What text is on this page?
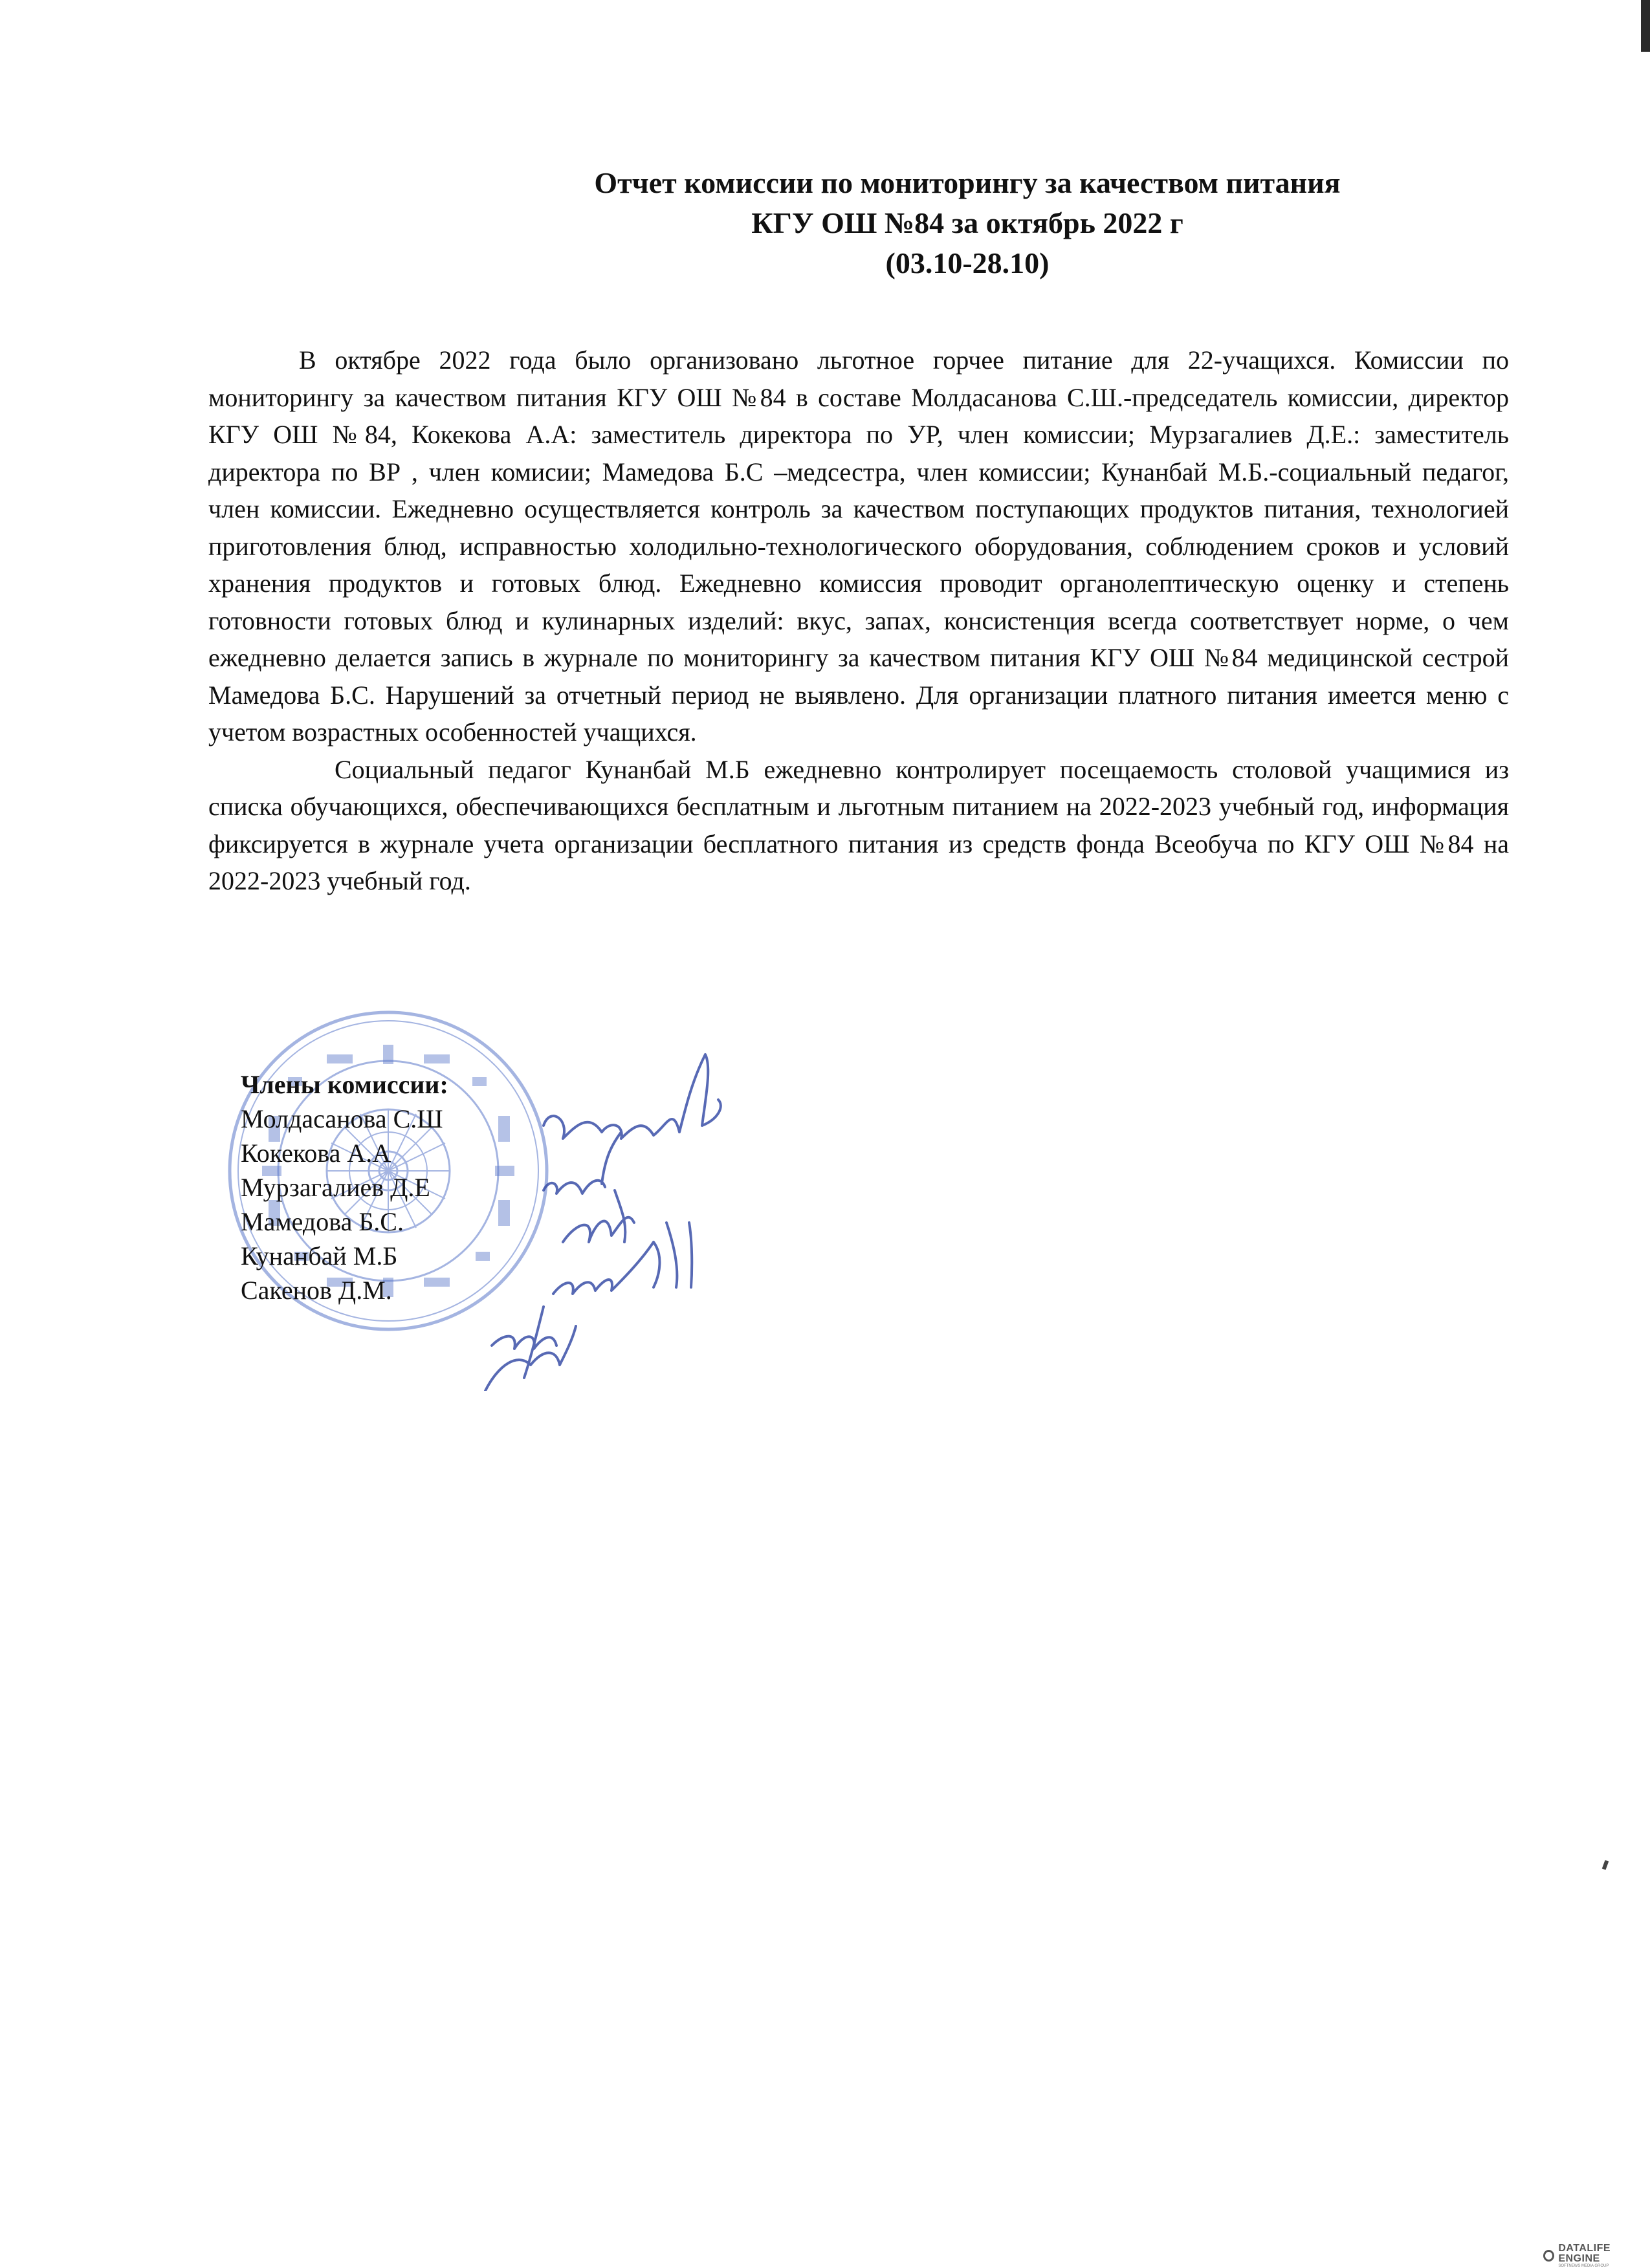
Отчет комиссии по мониторингу за качеством питания
КГУ ОШ №84 за октябрь 2022 г
(03.10-28.10)

В октябре 2022 года было организовано льготное горчее питание для 22-учащихся. Комиссии по мониторингу за качеством питания КГУ ОШ №84 в составе Молдасанова С.Ш.-председатель комиссии, директор КГУ ОШ №84, Кокекова А.А: заместитель директора по УР, член комиссии; Мурзагалиев Д.Е.: заместитель директора по ВР , член комисии; Мамедова Б.С –медсестра, член комиссии; Кунанбай М.Б.-социальный педагог, член комиссии. Ежедневно осуществляется контроль за качеством поступающих продуктов питания, технологией приготовления блюд, исправностью холодильно-технологического оборудования, соблюдением сроков и условий хранения продуктов и готовых блюд. Ежедневно комиссия проводит органолептическую оценку и степень готовности готовых блюд и кулинарных изделий: вкус, запах, консистенция всегда соответствует норме, о чем ежедневно делается запись в журнале по мониторингу за качеством питания КГУ ОШ №84 медицинской сестрой Мамедова Б.С. Нарушений за отчетный период не выявлено. Для организации платного питания имеется меню с учетом возрастных особенностей учащихся.

Социальный педагог Кунанбай М.Б ежедневно контролирует посещаемость столовой учащимися из списка обучающихся, обеспечивающихся бесплатным и льготным питанием на 2022-2023 учебный год, информация фиксируется в журнале учета организации бесплатного питания из средств фонда Всеобуча по КГУ ОШ №84 на 2022-2023 учебный год.

Члены комиссии:
Молдасанова С.Ш
Кокекова А.А
Мурзагалиев Д.Е
Мамедова Б.С.
Кунанбай М.Б
Сакенов Д.М.
DATALIFE ENGINE
SOFTNEWS MEDIA GROUP
